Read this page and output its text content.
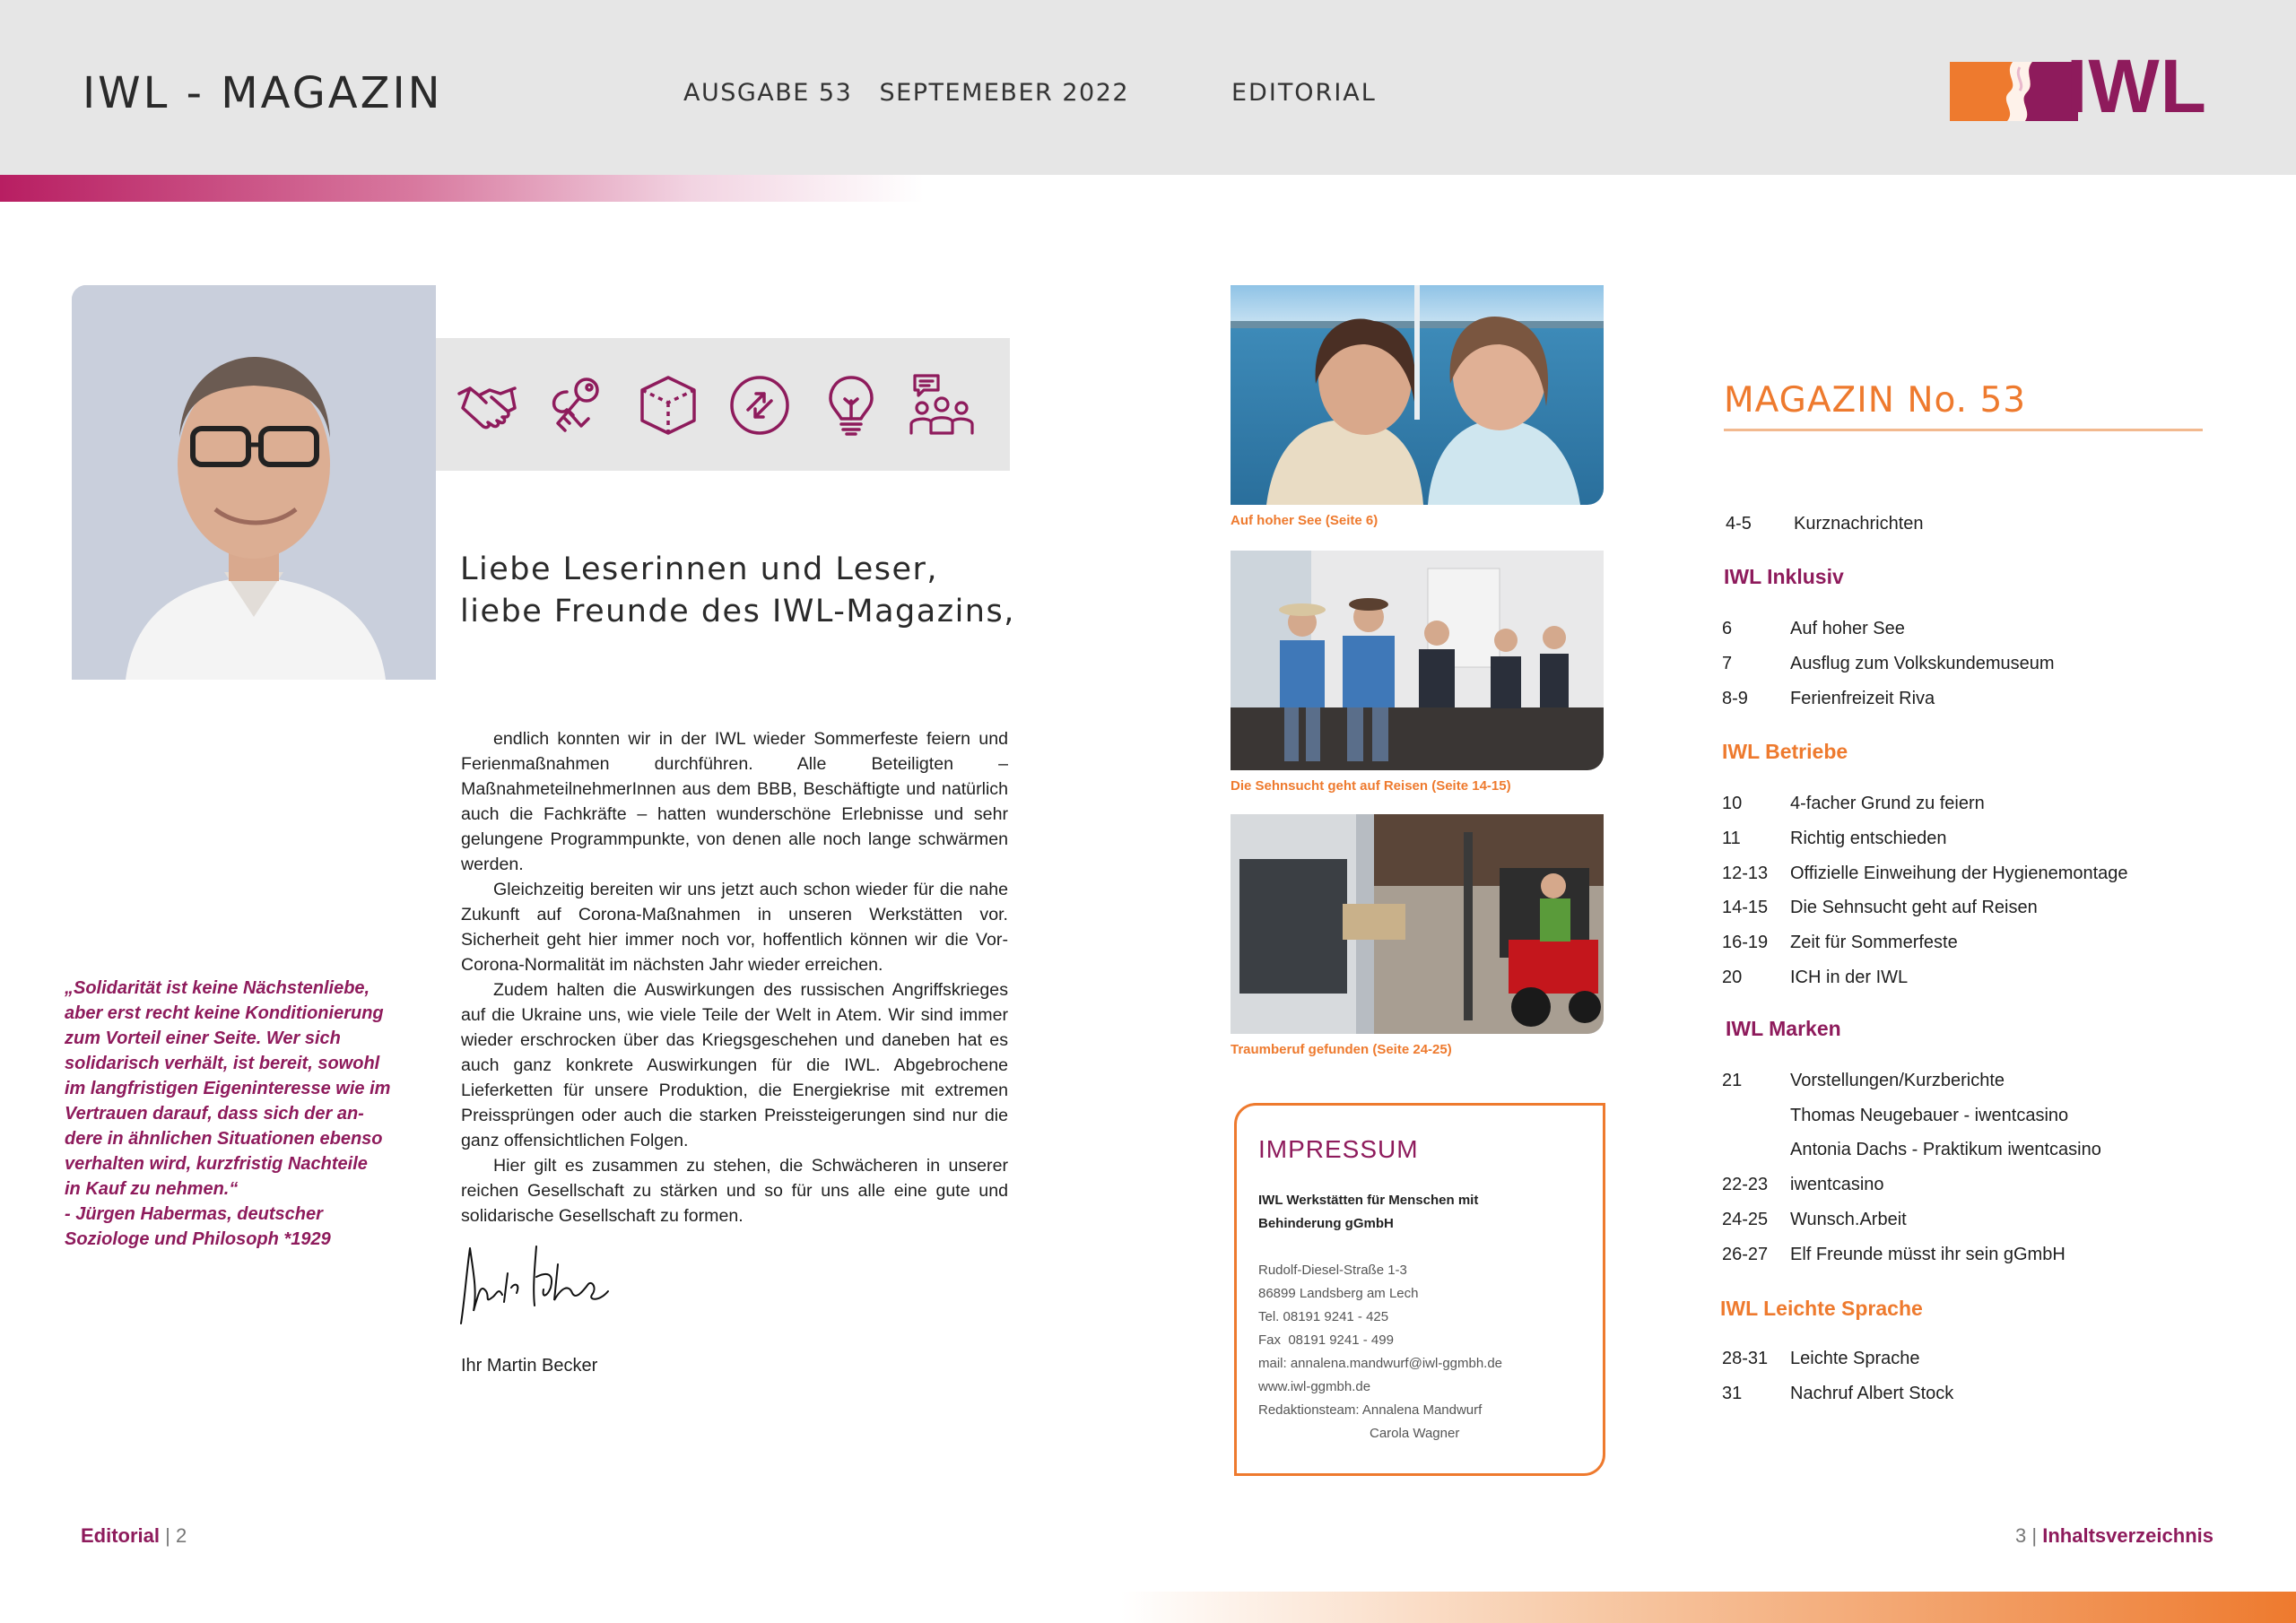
IWL - MAGAZIN	AUSGABE 53   SEPTEMEBER 2022	EDITORIAL	IWL
Liebe Leserinnen und Leser,
liebe Freunde des IWL-Magazins,

endlich konnten wir in der IWL wieder Sommerfeste feiern und Ferienmaßnahmen durchführen. Alle Beteiligten – MaßnahmeteilnehmerInnen aus dem BBB, Beschäftigte und natürlich auch die Fachkräfte – hatten wunderschöne Erlebnisse und sehr gelungene Programmpunkte, von denen alle noch lange schwärmen werden.

Gleichzeitig bereiten wir uns jetzt auch schon wieder für die nahe Zukunft auf Corona-Maßnahmen in unseren Werkstätten vor. Sicherheit geht hier immer noch vor, hoffentlich können wir die Vor-Corona-Normalität im nächsten Jahr wieder erreichen.

Zudem halten die Auswirkungen des russischen Angriffskrieges auf die Ukraine uns, wie viele Teile der Welt in Atem. Wir sind immer wieder erschrocken über das Kriegsgeschehen und daneben hat es auch ganz konkrete Auswirkungen für die IWL. Abgebrochene Lieferketten für unsere Produktion, die Energiekrise mit extremen Preissprüngen oder auch die starken Preissteigerungen sind nur die ganz offensichtlichen Folgen.

Hier gilt es zusammen zu stehen, die Schwächeren in unserer reichen Gesellschaft zu stärken und so für uns alle eine gute und solidarische Gesellschaft zu formen.

„Solidarität ist keine Nächstenliebe,
aber erst recht keine Konditionierung
zum Vorteil einer Seite. Wer sich
solidarisch verhält, ist bereit, sowohl
im langfristigen Eigeninteresse wie im
Vertrauen darauf, dass sich der an-
dere in ähnlichen Situationen ebenso
verhalten wird, kurzfristig Nachteile
in Kauf zu nehmen.“
- Jürgen Habermas, deutscher
Soziologe und Philosoph *1929
Ihr Martin Becker
Editorial | 2	3 | Inhaltsverzeichnis
Auf hoher See (Seite 6)
Die Sehnsucht geht auf Reisen (Seite 14-15)
Traumberuf gefunden (Seite 24-25)
IMPRESSUM
IWL Werkstätten für Menschen mit
Behinderung gGmbH
Rudolf-Diesel-Straße 1-3
86899 Landsberg am Lech
Tel. 08191 9241 - 425
Fax  08191 9241 - 499
mail: annalena.mandwurf@iwl-ggmbh.de
www.iwl-ggmbh.de
Redaktionsteam: Annalena Mandwurf
Carola Wagner
MAGAZIN No. 53
4-5 Kurznachrichten
IWL Inklusiv
6	Auf hoher See
7	Ausflug zum Volkskundemuseum
8-9 Ferienfreizeit Riva
IWL Betriebe
10	4-facher Grund zu feiern
11	Richtig entschieden
12-13 Offizielle Einweihung der Hygienemontage
14-15 Die Sehnsucht geht auf Reisen
16-19 Zeit für Sommerfeste
20	ICH in der IWL
IWL Marken
21	Vorstellungen/Kurzberichte
Thomas Neugebauer - iwentcasino
Antonia Dachs - Praktikum iwentcasino
22-23 iwentcasino
24-25 Wunsch.Arbeit
26-27 Elf Freunde müsst ihr sein gGmbH
IWL Leichte Sprache
28-31 Leichte Sprache
31	Nachruf Albert Stock
